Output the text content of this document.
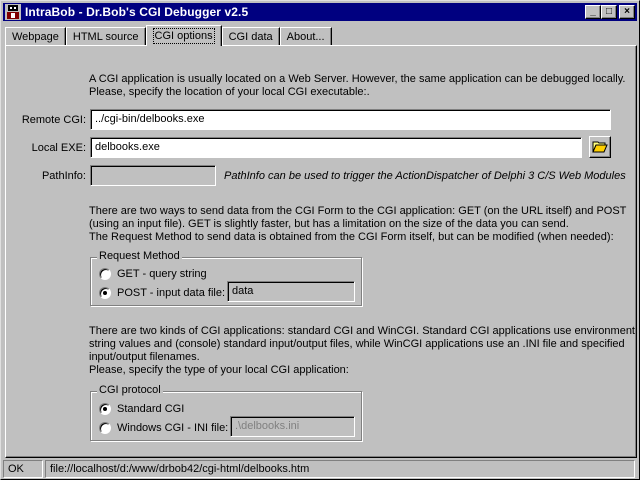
IntraBob - Dr.Bob's CGI Debugger v2.5	_ □ ×
Webpage HTML source CGI options CGI data About...
A CGI application is usually located on a Web Server. However, the same application can be debugged locally.
Please, specify the location of your local CGI executable:.
Remote CGI: ../cgi-bin/delbooks.exe
Local EXE: delbooks.exe
PathInfo:	PathInfo can be used to trigger the ActionDispatcher of Delphi 3 C/S Web Modules
There are two ways to send data from the CGI Form to the CGI application: GET (on the URL itself) and POST
(using an input file). GET is slightly faster, but has a limitation on the size of the data you can send.
The Request Method to send data is obtained from the CGI Form itself, but can be modified (when needed):
Request Method
GET - query string
POST - input data file: data
There are two kinds of CGI applications: standard CGI and WinCGI. Standard CGI applications use environment
string values and (console) standard input/output files, while WinCGI applications use an .INI file and specified
input/output filenames.
Please, specify the type of your local CGI application:
CGI protocol
Standard CGI
Windows CGI - INI file: .\delbooks.ini
OK	file://localhost/d:/www/drbob42/cgi-html/delbooks.htm
